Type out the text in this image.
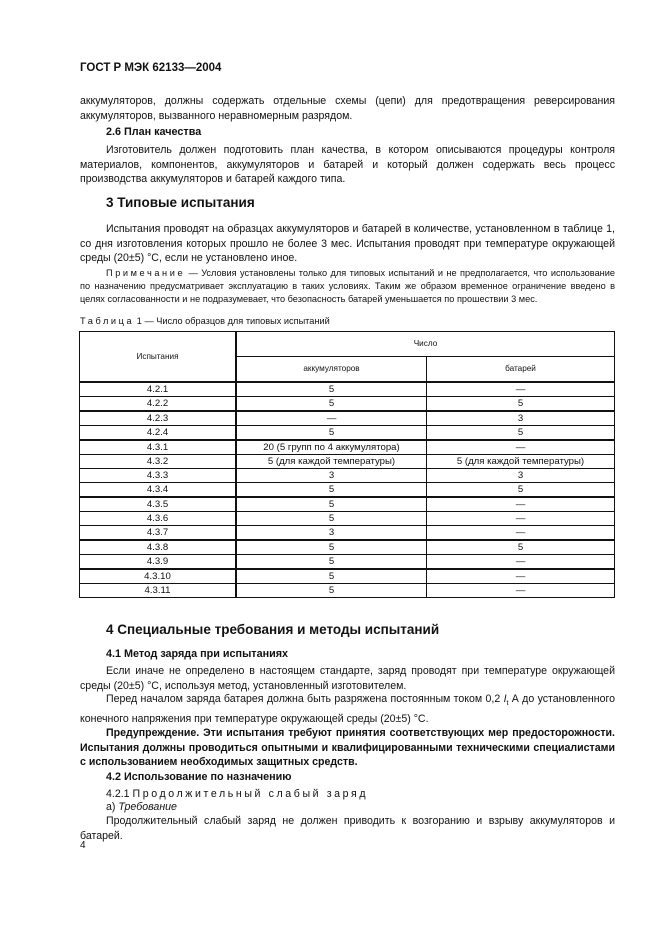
ГОСТ Р МЭК 62133—2004
аккумуляторов, должны содержать отдельные схемы (цепи) для предотвращения реверсирования аккумуляторов, вызванного неравномерным разрядом.
2.6 План качества
Изготовитель должен подготовить план качества, в котором описываются процедуры контроля материалов, компонентов, аккумуляторов и батарей и который должен содержать весь процесс производства аккумуляторов и батарей каждого типа.
3 Типовые испытания
Испытания проводят на образцах аккумуляторов и батарей в количестве, установленном в таблице 1, со дня изготовления которых прошло не более 3 мес. Испытания проводят при температуре окружающей среды (20±5) °С, если не установлено иное.
Примечание — Условия установлены только для типовых испытаний и не предполагается, что использование по назначению предусматривает эксплуатацию в таких условиях. Таким же образом временное ограничение введено в целях согласованности и не подразумевает, что безопасность батарей уменьшается по прошествии 3 мес.
Таблица 1 — Число образцов для типовых испытаний
Испытания	Число	
	аккумуляторов	батарей
4.2.1	5	—
4.2.2	5	5
4.2.3	—	3
4.2.4	5	5
4.3.1	20 (5 групп по 4 аккумулятора)	—
4.3.2	5 (для каждой температуры)	5 (для каждой температуры)
4.3.3	3	3
4.3.4	5	5
4.3.5	5	—
4.3.6	5	—
4.3.7	3	—
4.3.8	5	5
4.3.9	5	—
4.3.10	5	—
4.3.11	5	—
4 Специальные требования и методы испытаний
4.1 Метод заряда при испытаниях
Если иначе не определено в настоящем стандарте, заряд проводят при температуре окружающей среды (20±5) °С, используя метод, установленный изготовителем.
Перед началом заряда батарея должна быть разряжена постоянным током 0,2 $I_t$ А до установленного конечного напряжения при температуре окружающей среды (20±5) °С.
Предупреждение. Эти испытания требуют принятия соответствующих мер предосторожности. Испытания должны проводиться опытными и квалифицированными техническими специалистами с использованием необходимых защитных средств.
4.2 Использование по назначению
4.2.1 Продолжительный слабый заряд
а) Требование
Продолжительный слабый заряд не должен приводить к возгоранию и взрыву аккумуляторов и батарей.
4
